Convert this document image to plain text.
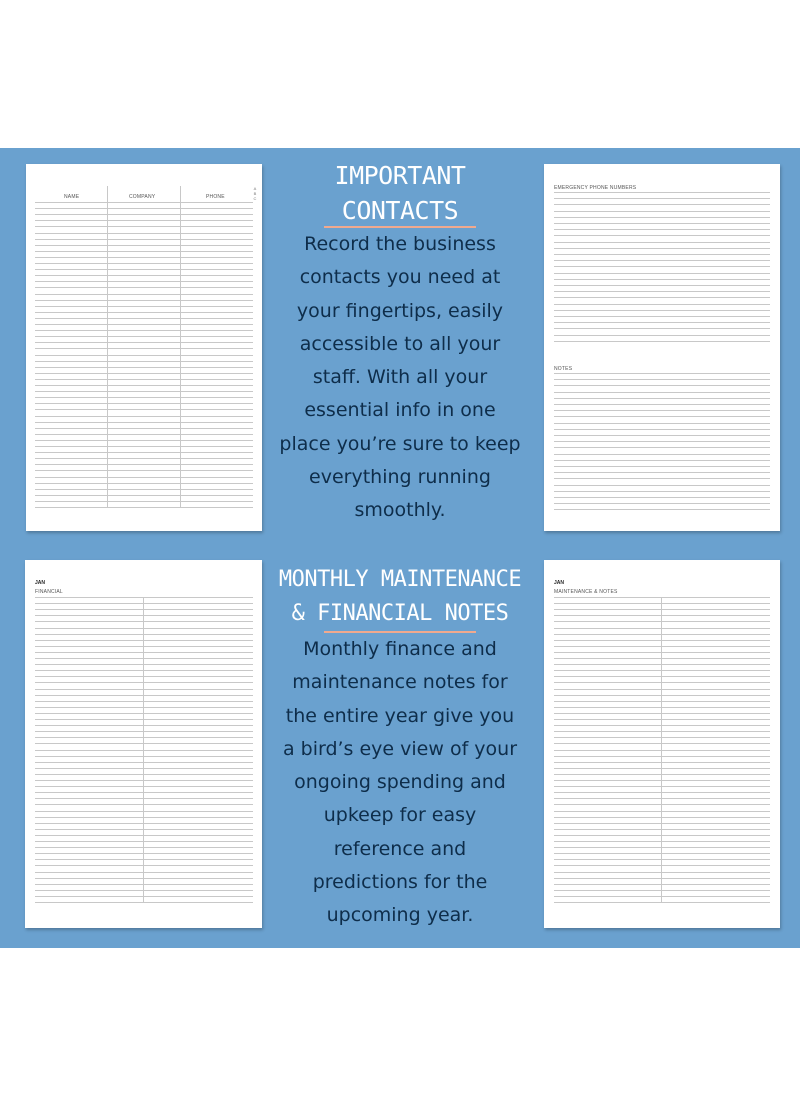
NAME	COMPANY	PHONE
A
B
C
EMERGENCY PHONE NUMBERS
NOTES
JAN
FINANCIAL
JAN
MAINTENANCE & NOTES
IMPORTANT
CONTACTS
Record the business
contacts you need at
your fingertips, easily
accessible to all your
staff. With all your
essential info in one
place you’re sure to keep
everything running
smoothly.
MONTHLY MAINTENANCE
& FINANCIAL NOTES
Monthly finance and
maintenance notes for
the entire year give you
a bird’s eye view of your
ongoing spending and
upkeep for easy
reference and
predictions for the
upcoming year.
